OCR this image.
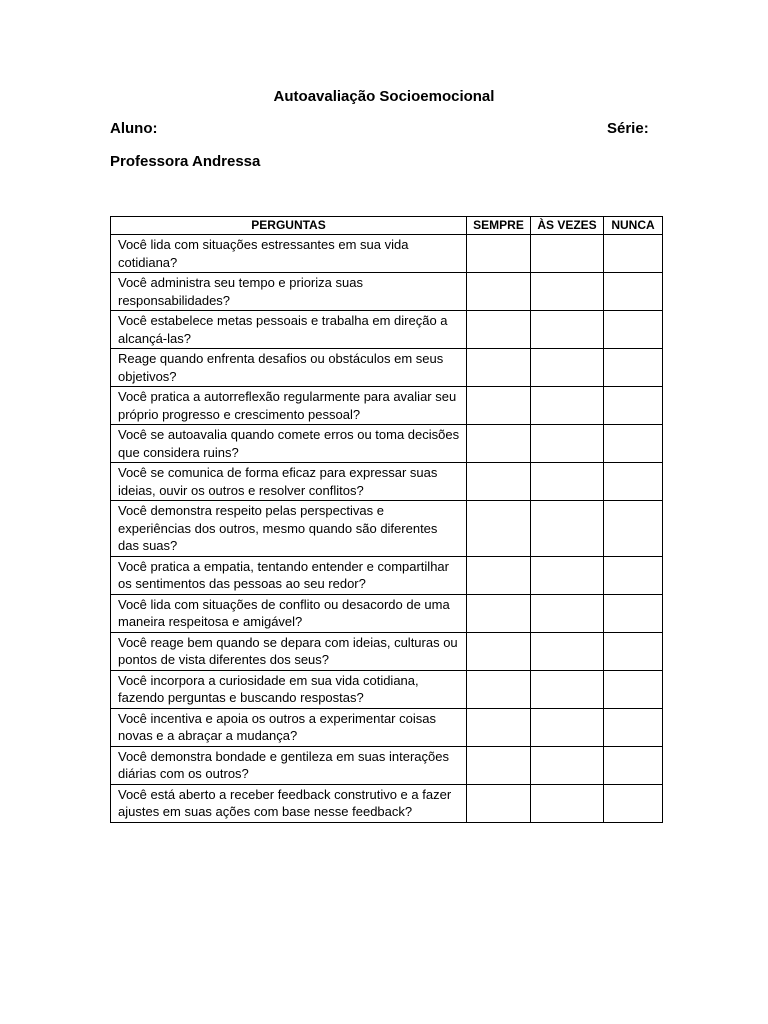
Autoavaliação Socioemocional
Aluno:	Série:
Professora Andressa
PERGUNTAS	SEMPRE	ÀS VEZES	NUNCA
Você lida com situações estressantes em sua vida cotidiana?			
Você administra seu tempo e prioriza suas responsabilidades?			
Você estabelece metas pessoais e trabalha em direção a alcançá-las?			
Reage quando enfrenta desafios ou obstáculos em seus objetivos?			
Você pratica a autorreflexão regularmente para avaliar seu próprio progresso e crescimento pessoal?			
Você se autoavalia quando comete erros ou toma decisões que considera ruins?			
Você se comunica de forma eficaz para expressar suas ideias, ouvir os outros e resolver conflitos?			
Você demonstra respeito pelas perspectivas e experiências dos outros, mesmo quando são diferentes das suas?			
Você pratica a empatia, tentando entender e compartilhar os sentimentos das pessoas ao seu redor?			
Você lida com situações de conflito ou desacordo de uma maneira respeitosa e amigável?			
Você reage bem quando se depara com ideias, culturas ou pontos de vista diferentes dos seus?			
Você incorpora a curiosidade em sua vida cotidiana, fazendo perguntas e buscando respostas?			
Você incentiva e apoia os outros a experimentar coisas novas e a abraçar a mudança?			
Você demonstra bondade e gentileza em suas interações diárias com os outros?			
Você está aberto a receber feedback construtivo e a fazer ajustes em suas ações com base nesse feedback?			
